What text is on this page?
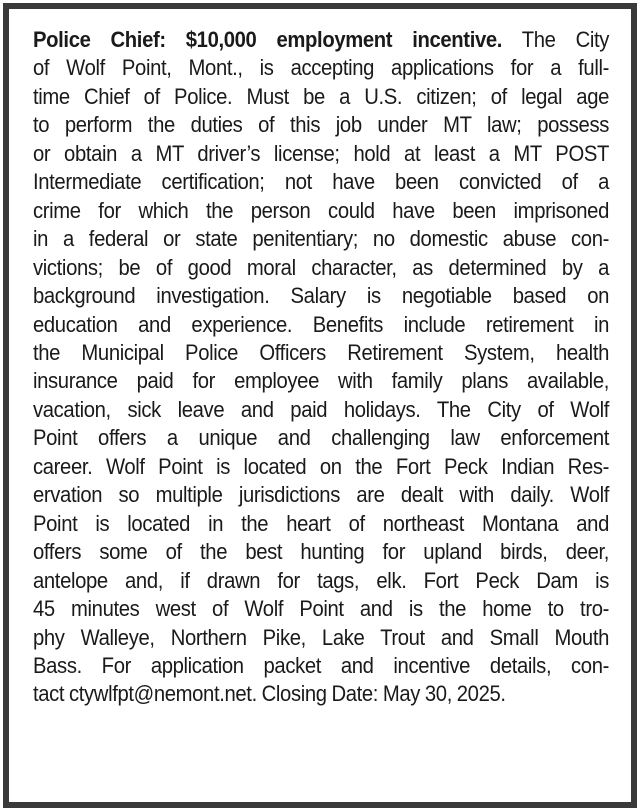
Police Chief: $10,000 employment incentive. The City
of Wolf Point, Mont., is accepting applications for a full-
time Chief of Police. Must be a U.S. citizen; of legal age
to perform the duties of this job under MT law; possess
or obtain a MT driver’s license; hold at least a MT POST
Intermediate certification; not have been convicted of a
crime for which the person could have been imprisoned
in a federal or state penitentiary; no domestic abuse con-
victions; be of good moral character, as determined by a
background investigation. Salary is negotiable based on
education and experience. Benefits include retirement in
the Municipal Police Officers Retirement System, health
insurance paid for employee with family plans available,
vacation, sick leave and paid holidays. The City of Wolf
Point offers a unique and challenging law enforcement
career. Wolf Point is located on the Fort Peck Indian Res-
ervation so multiple jurisdictions are dealt with daily. Wolf
Point is located in the heart of northeast Montana and
offers some of the best hunting for upland birds, deer,
antelope and, if drawn for tags, elk. Fort Peck Dam is
45 minutes west of Wolf Point and is the home to tro-
phy Walleye, Northern Pike, Lake Trout and Small Mouth
Bass. For application packet and incentive details, con-
tact ctywlfpt@nemont.net. Closing Date: May 30, 2025.
